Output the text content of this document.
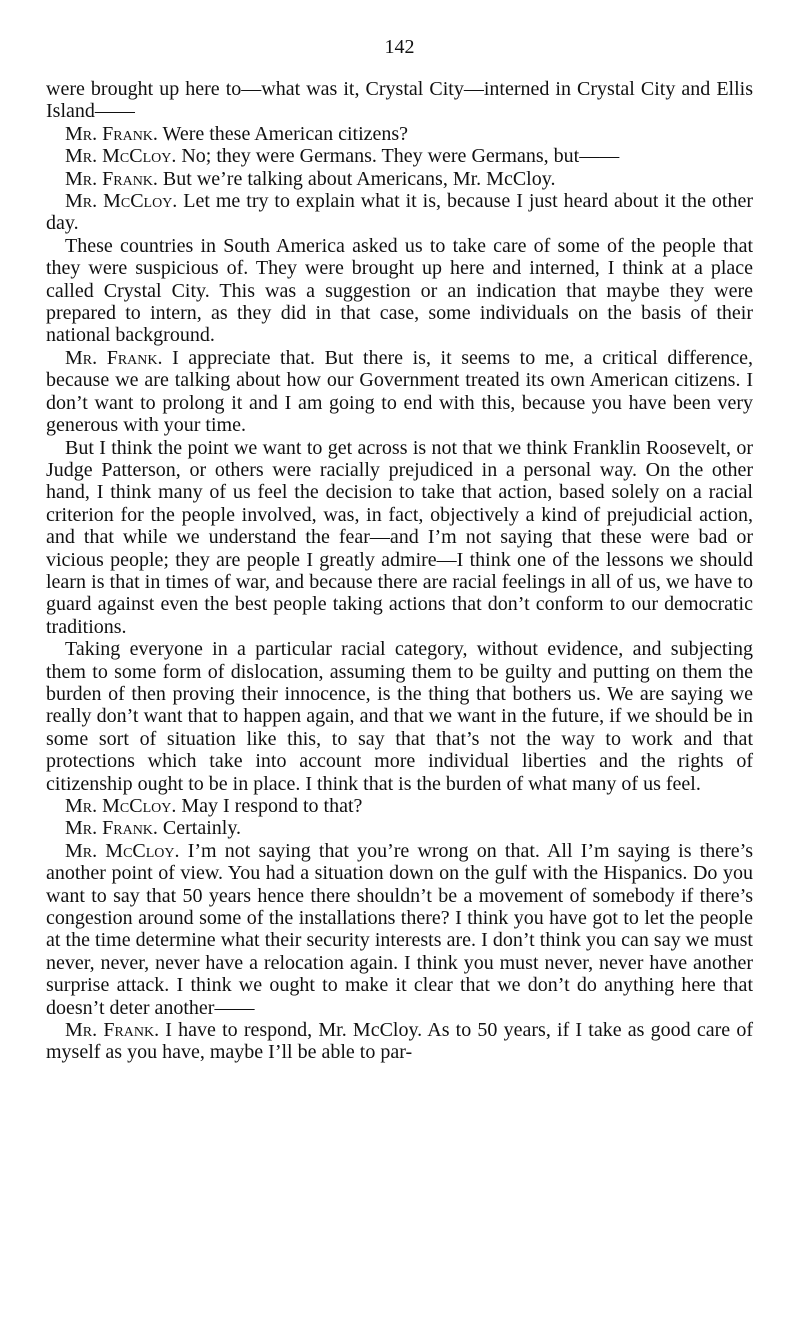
142

were brought up here to—what was it, Crystal City—interned in Crystal City and Ellis Island——

Mr. Frank. Were these American citizens?

Mr. McCloy. No; they were Germans. They were Germans, but——

Mr. Frank. But we’re talking about Americans, Mr. McCloy.

Mr. McCloy. Let me try to explain what it is, because I just heard about it the other day.

These countries in South America asked us to take care of some of the people that they were suspicious of. They were brought up here and interned, I think at a place called Crystal City. This was a suggestion or an indication that maybe they were prepared to intern, as they did in that case, some individuals on the basis of their national background.

Mr. Frank. I appreciate that. But there is, it seems to me, a critical difference, because we are talking about how our Government treated its own American citizens. I don’t want to prolong it and I am going to end with this, because you have been very generous with your time.

But I think the point we want to get across is not that we think Franklin Roosevelt, or Judge Patterson, or others were racially prejudiced in a personal way. On the other hand, I think many of us feel the decision to take that action, based solely on a racial criterion for the people involved, was, in fact, objectively a kind of prejudicial action, and that while we understand the fear—and I’m not saying that these were bad or vicious people; they are people I greatly admire—I think one of the lessons we should learn is that in times of war, and because there are racial feelings in all of us, we have to guard against even the best people taking actions that don’t conform to our democratic traditions.

Taking everyone in a particular racial category, without evidence, and subjecting them to some form of dislocation, assuming them to be guilty and putting on them the burden of then proving their innocence, is the thing that bothers us. We are saying we really don’t want that to happen again, and that we want in the future, if we should be in some sort of situation like this, to say that that’s not the way to work and that protections which take into account more individual liberties and the rights of citizenship ought to be in place. I think that is the burden of what many of us feel.

Mr. McCloy. May I respond to that?

Mr. Frank. Certainly.

Mr. McCloy. I’m not saying that you’re wrong on that. All I’m saying is there’s another point of view. You had a situation down on the gulf with the Hispanics. Do you want to say that 50 years hence there shouldn’t be a movement of somebody if there’s congestion around some of the installations there? I think you have got to let the people at the time determine what their security interests are. I don’t think you can say we must never, never, never have a relocation again. I think you must never, never have another surprise attack. I think we ought to make it clear that we don’t do anything here that doesn’t deter another——

Mr. Frank. I have to respond, Mr. McCloy. As to 50 years, if I take as good care of myself as you have, maybe I’ll be able to par-
